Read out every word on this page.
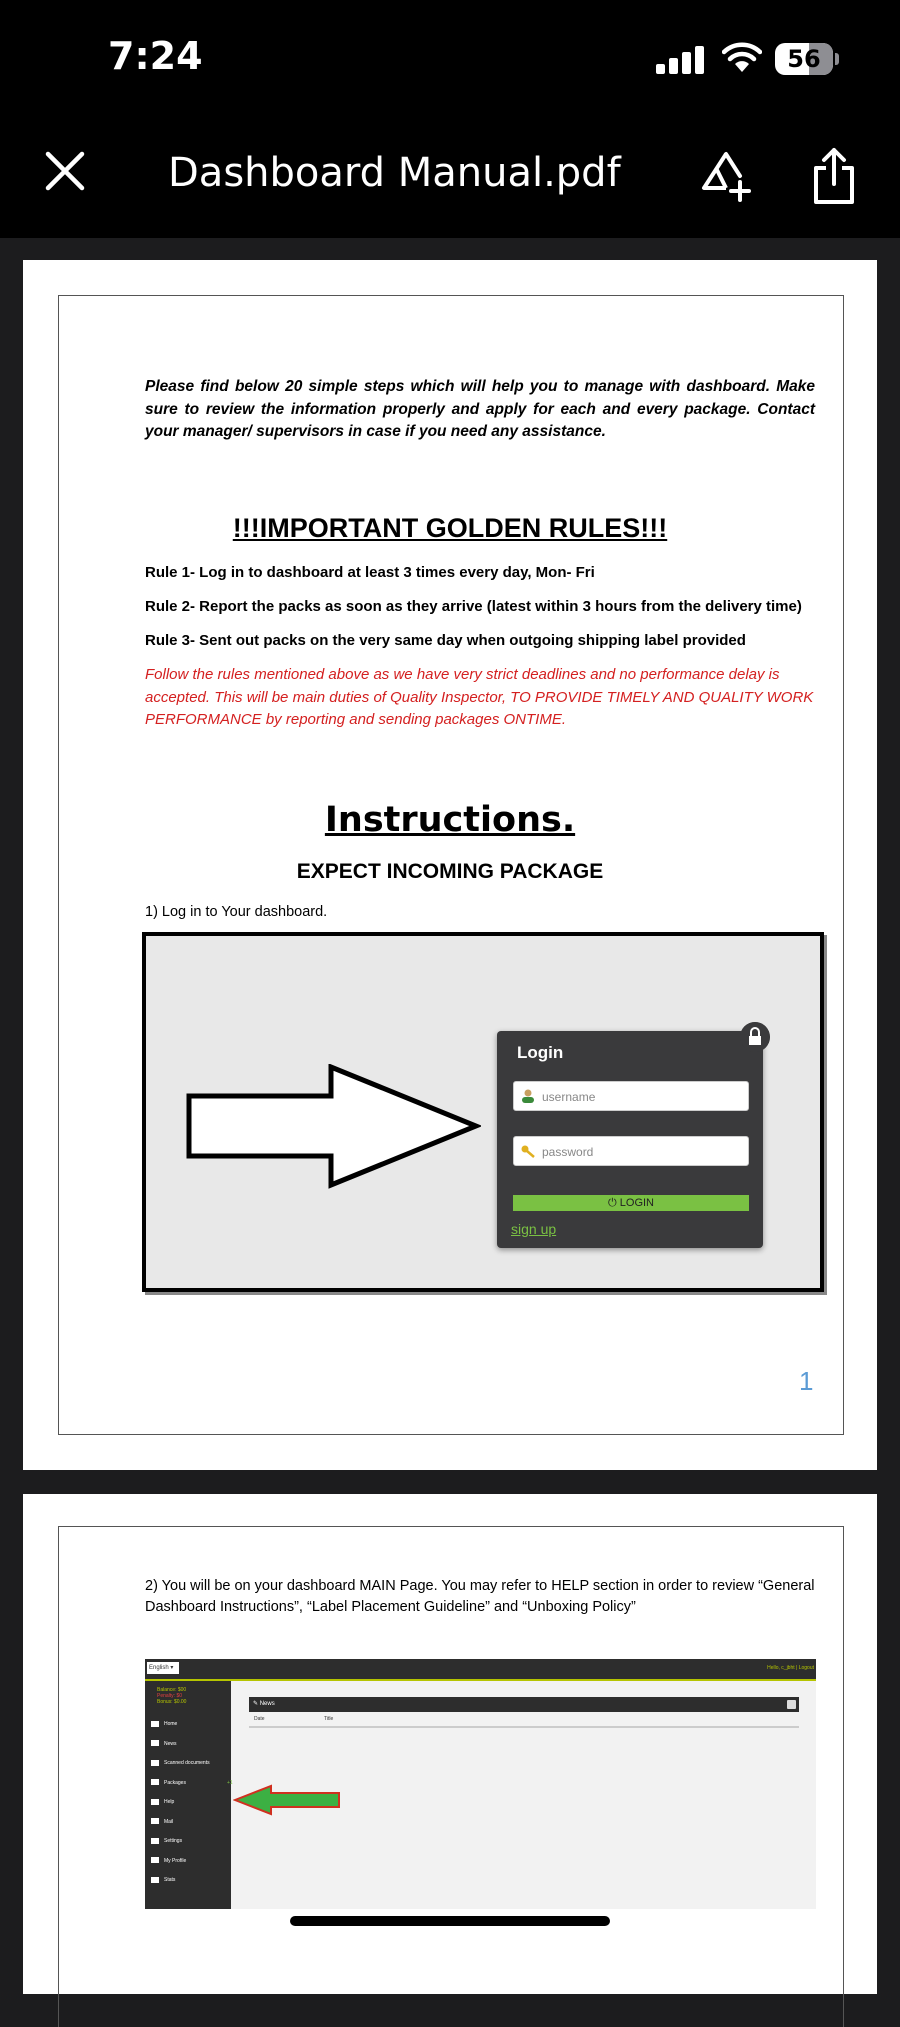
7:24	56
Dashboard Manual.pdf
Please find below 20 simple steps which will help you to manage with dashboard. Make sure to review the information properly and apply for each and every package. Contact your manager/ supervisors in case if you need any assistance.
!!!IMPORTANT GOLDEN RULES!!!
Rule 1- Log in to dashboard at least 3 times every day, Mon- Fri
Rule 2- Report the packs as soon as they arrive (latest within 3 hours from the delivery time)
Rule 3- Sent out packs on the very same day when outgoing shipping label provided
Follow the rules mentioned above as we have very strict deadlines and no performance delay is accepted. This will be main duties of Quality Inspector, TO PROVIDE TIMELY AND QUALITY WORK PERFORMANCE by reporting and sending packages ONTIME.
Instructions.
EXPECT INCOMING PACKAGE
1) Log in to Your dashboard.
Login
username
password
⏻ LOGIN
sign up
1
2) You will be on your dashboard MAIN Page. You may refer to HELP section in order to review “General Dashboard Instructions”, “Label Placement Guideline” and “Unboxing Policy”
English ▾	Hello, c_jbht | Logout
Balance: $00
Penalty: $0
Bonus: $0.00
Home
News
Scanned documents
Packages	+1
Help
Mail
Settings
My Profile
Stats
✎ News
Date	Title
